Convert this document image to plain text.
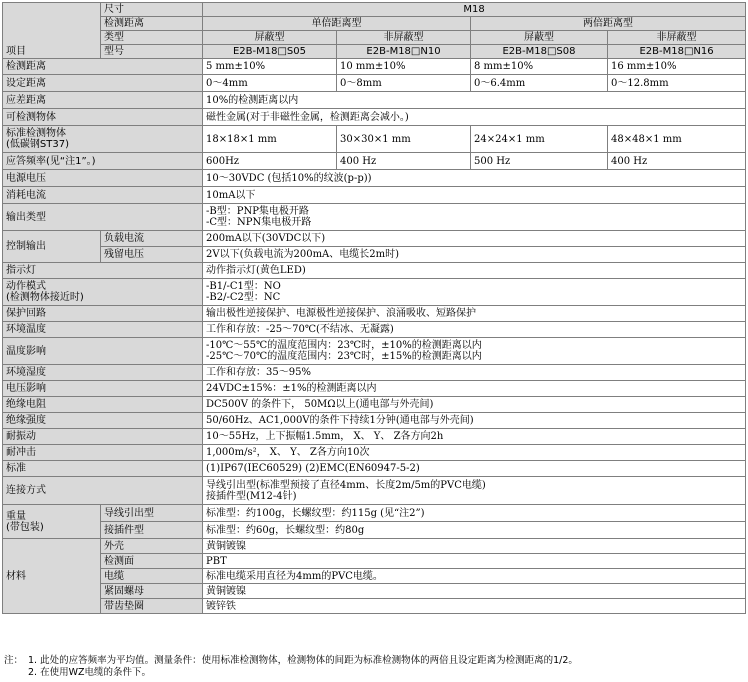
项目	尺寸	M18			
	检测距离	单倍距离型		两倍距离型	
	类型	屏蔽型	非屏蔽型	屏蔽型	非屏蔽型
	型号	E2B-M18□S05	E2B-M18□N10	E2B-M18□S08	E2B-M18□N16
检测距离		5 mm±10%	10 mm±10%	8 mm±10%	16 mm±10%
设定距离		0～4mm	0～8mm	0～6.4mm	0～12.8mm
应差距离		10%的检测距离以内			
可检测物体		磁性金属(对于非磁性金属，检测距离会减小。)			
标准检测物体
(低碳钢ST37)		18×18×1 mm	30×30×1 mm	24×24×1 mm	48×48×1 mm
应答频率(见“注1”。)		600Hz	400 Hz	500 Hz	400 Hz
电源电压		10～30VDC (包括10%的纹波(p-p))			
消耗电流		10mA以下			
输出类型		-B型：PNP集电极开路
-C型：NPN集电极开路			
控制输出	负载电流	200mA以下(30VDC以下)			
	残留电压	2V以下(负载电流为200mA、电缆长2m时)			
指示灯		动作指示灯(黄色LED)			
动作模式
(检测物体接近时)		-B1/-C1型：NO
-B2/-C2型：NC			
保护回路		输出极性逆接保护、电源极性逆接保护、浪涌吸收、短路保护			
环境温度		工作和存放：-25～70℃(不结冰、无凝露)			
温度影响		-10℃～55℃的温度范围内：23℃时，±10%的检测距离以内
-25℃～70℃的温度范围内：23℃时，±15%的检测距离以内			
环境湿度		工作和存放：35～95%			
电压影响		24VDC±15%：±1%的检测距离以内			
绝缘电阻		DC500V 的条件下， 50MΩ以上(通电部与外壳间)			
绝缘强度		50/60Hz、AC1,000V的条件下持续1分钟(通电部与外壳间)			
耐振动		10～55Hz，上下振幅1.5mm， X、 Y、 Z各方向2h			
耐冲击		1,000m/s²， X、 Y、 Z各方向10次			
标准		(1)IP67(IEC60529) (2)EMC(EN60947-5-2)			
连接方式		导线引出型(标准型预接了直径4mm、长度2m/5m的PVC电缆)
接插件型(M12-4针)			
重量
(带包装)	导线引出型	标准型：约100g，长螺纹型：约115g (见“注2”)			
	接插件型	标准型：约60g，长螺纹型：约80g			
材料	外壳	黄铜镀镍			
	检测面	PBT			
	电缆	标准电缆采用直径为4mm的PVC电缆。			
	紧固螺母	黄铜镀镍			
	带齿垫圈	镀锌铁			
注： 1. 此处的应答频率为平均值。测量条件：使用标准检测物体，检测物体的间距为标准检测物体的两倍且设定距离为检测距离的1/2。
2. 在使用WZ电缆的条件下。
